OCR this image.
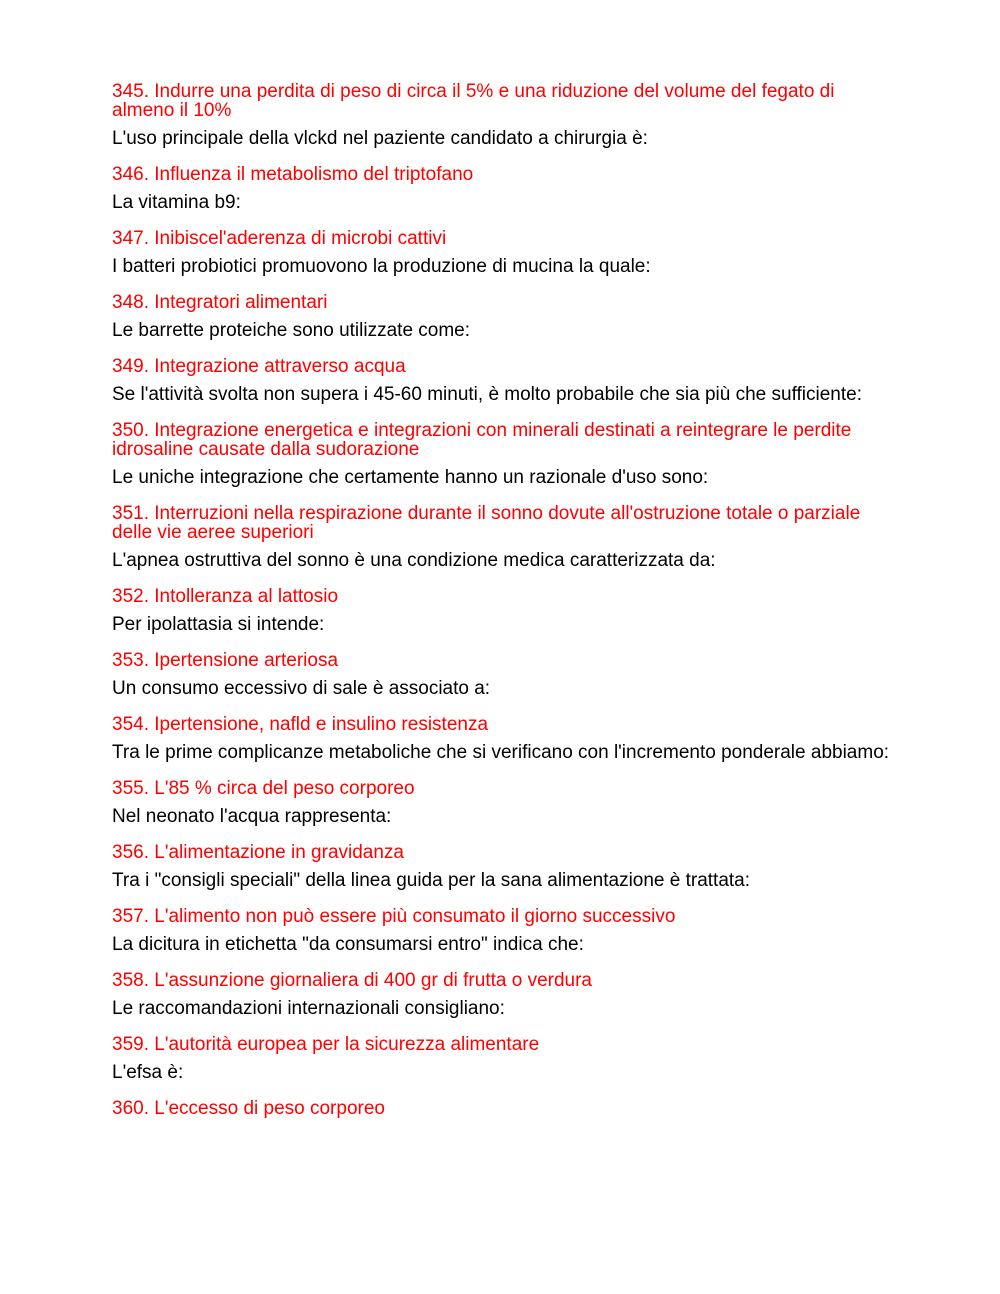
345. Indurre una perdita di peso di circa il 5% e una riduzione del volume del fegato di almeno il 10%

L'uso principale della vlckd nel paziente candidato a chirurgia è:

346. Influenza il metabolismo del triptofano

La vitamina b9:

347. Inibiscel'aderenza di microbi cattivi

I batteri probiotici promuovono la produzione di mucina la quale:

348. Integratori alimentari

Le barrette proteiche sono utilizzate come:

349. Integrazione attraverso acqua

Se l'attività svolta non supera i 45-60 minuti, è molto probabile che sia più che sufficiente:

350. Integrazione energetica e integrazioni con minerali destinati a reintegrare le perdite idrosaline causate dalla sudorazione

Le uniche integrazione che certamente hanno un razionale d'uso sono:

351. Interruzioni nella respirazione durante il sonno dovute all'ostruzione totale o parziale delle vie aeree superiori

L'apnea ostruttiva del sonno è una condizione medica caratterizzata da:

352. Intolleranza al lattosio

Per ipolattasia si intende:

353. Ipertensione arteriosa

Un consumo eccessivo di sale è associato a:

354. Ipertensione, nafld e insulino resistenza

Tra le prime complicanze metaboliche che si verificano con l'incremento ponderale abbiamo:

355. L'85 % circa del peso corporeo

Nel neonato l'acqua rappresenta:

356. L'alimentazione in gravidanza

Tra i "consigli speciali" della linea guida per la sana alimentazione è trattata:

357. L'alimento non può essere più consumato il giorno successivo

La dicitura in etichetta "da consumarsi entro" indica che:

358. L'assunzione giornaliera di 400 gr di frutta o verdura

Le raccomandazioni internazionali consigliano:

359. L'autorità europea per la sicurezza alimentare

L'efsa è:

360. L'eccesso di peso corporeo
